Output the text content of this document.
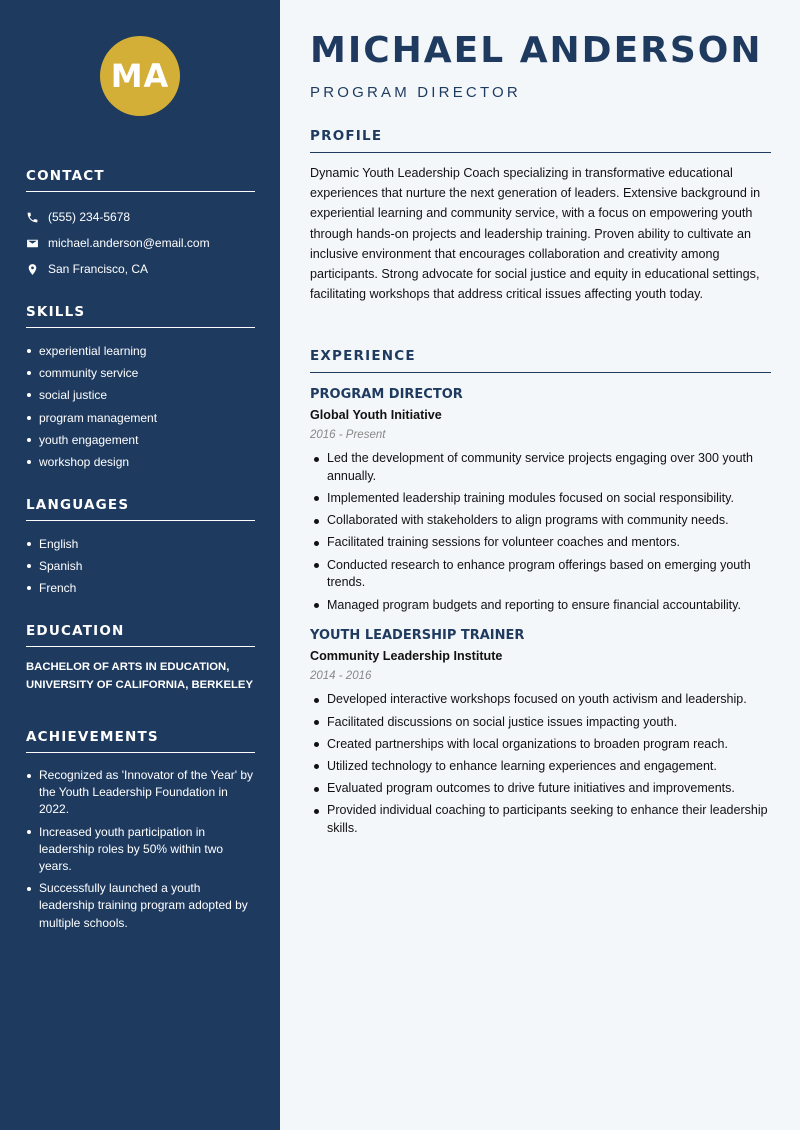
MA
CONTACT
(555) 234-5678
michael.anderson@email.com
San Francisco, CA
SKILLS
experiential learning
community service
social justice
program management
youth engagement
workshop design
LANGUAGES
English
Spanish
French
EDUCATION
BACHELOR OF ARTS IN EDUCATION, UNIVERSITY OF CALIFORNIA, BERKELEY
ACHIEVEMENTS
Recognized as 'Innovator of the Year' by the Youth Leadership Foundation in 2022.
Increased youth participation in leadership roles by 50% within two years.
Successfully launched a youth leadership training program adopted by multiple schools.
MICHAEL ANDERSON
PROGRAM DIRECTOR
PROFILE

Dynamic Youth Leadership Coach specializing in transformative educational experiences that nurture the next generation of leaders. Extensive background in experiential learning and community service, with a focus on empowering youth through hands-on projects and leadership training. Proven ability to cultivate an inclusive environment that encourages collaboration and creativity among participants. Strong advocate for social justice and equity in educational settings, facilitating workshops that address critical issues affecting youth today.

EXPERIENCE
PROGRAM DIRECTOR
Global Youth Initiative
2016 - Present
Led the development of community service projects engaging over 300 youth annually.
Implemented leadership training modules focused on social responsibility.
Collaborated with stakeholders to align programs with community needs.
Facilitated training sessions for volunteer coaches and mentors.
Conducted research to enhance program offerings based on emerging youth trends.
Managed program budgets and reporting to ensure financial accountability.
YOUTH LEADERSHIP TRAINER
Community Leadership Institute
2014 - 2016
Developed interactive workshops focused on youth activism and leadership.
Facilitated discussions on social justice issues impacting youth.
Created partnerships with local organizations to broaden program reach.
Utilized technology to enhance learning experiences and engagement.
Evaluated program outcomes to drive future initiatives and improvements.
Provided individual coaching to participants seeking to enhance their leadership skills.
